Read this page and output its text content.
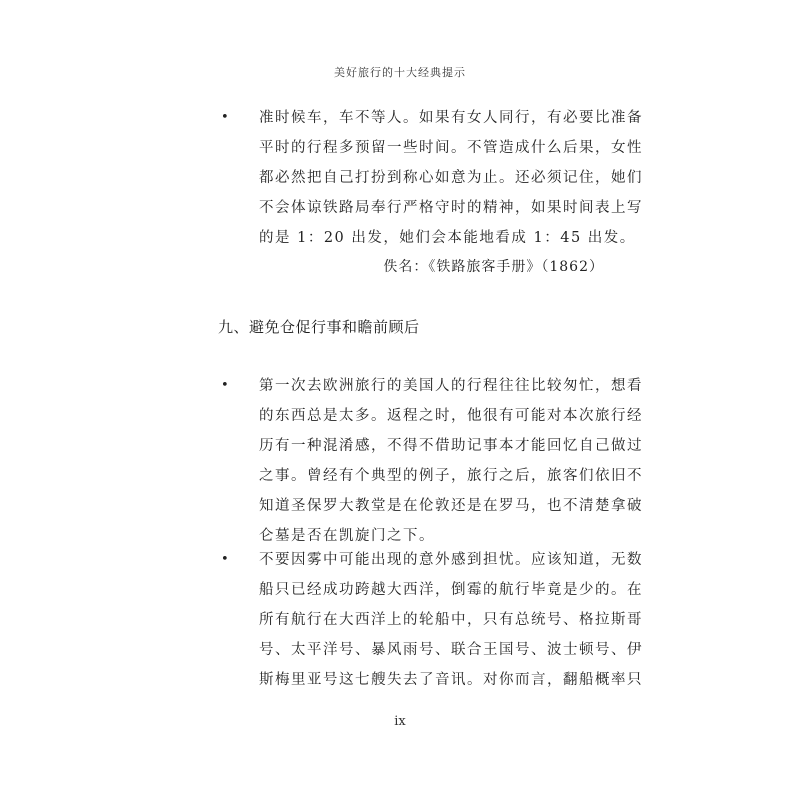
美好旅行的十大经典提示
• 准时候车，车不等人。如果有女人同行，有必要比准备
平时的行程多预留一些时间。不管造成什么后果，女性
都必然把自己打扮到称心如意为止。还必须记住，她们
不会体谅铁路局奉行严格守时的精神，如果时间表上写
的是 1：20 出发，她们会本能地看成 1：45 出发。
佚名：《铁路旅客手册》（1862）
九、避免仓促行事和瞻前顾后
• 第一次去欧洲旅行的美国人的行程往往比较匆忙，想看
的东西总是太多。返程之时，他很有可能对本次旅行经
历有一种混淆感，不得不借助记事本才能回忆自己做过
之事。曾经有个典型的例子，旅行之后，旅客们依旧不
知道圣保罗大教堂是在伦敦还是在罗马，也不清楚拿破
仑墓是否在凯旋门之下。
• 不要因雾中可能出现的意外感到担忧。应该知道，无数
船只已经成功跨越大西洋，倒霉的航行毕竟是少的。在
所有航行在大西洋上的轮船中，只有总统号、格拉斯哥
号、太平洋号、暴风雨号、联合王国号、波士顿号、伊
斯梅里亚号这七艘失去了音讯。对你而言，翻船概率只
ix
